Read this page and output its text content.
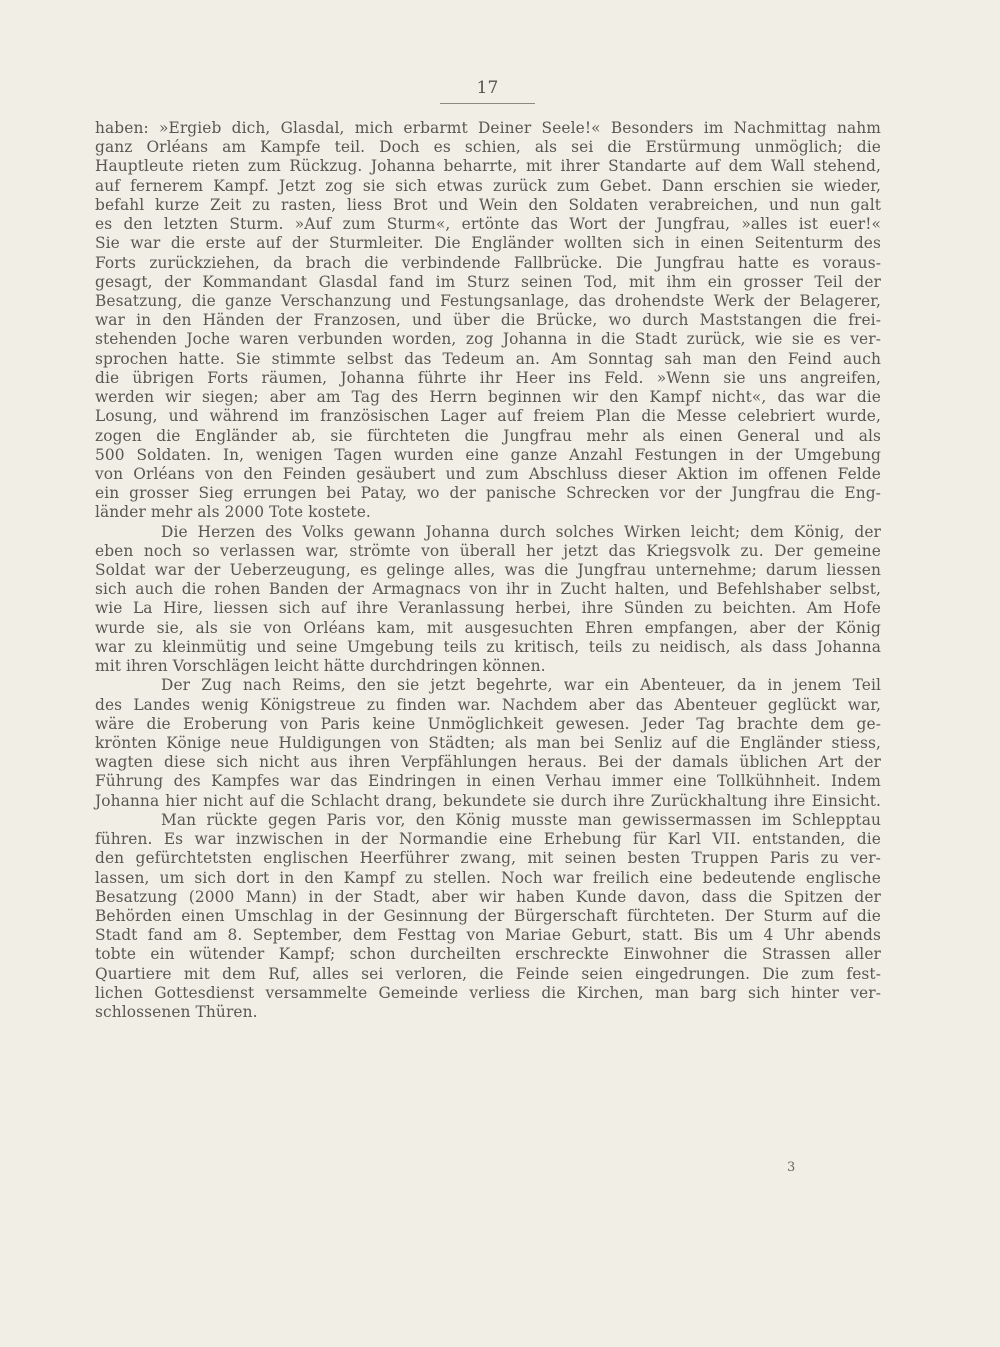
17
haben: »Ergieb dich, Glasdal, mich erbarmt Deiner Seele!« Besonders im Nachmittag nahm
ganz Orléans am Kampfe teil. Doch es schien, als sei die Erstürmung unmöglich; die
Hauptleute rieten zum Rückzug. Johanna beharrte, mit ihrer Standarte auf dem Wall stehend,
auf fernerem Kampf. Jetzt zog sie sich etwas zurück zum Gebet. Dann erschien sie wieder,
befahl kurze Zeit zu rasten, liess Brot und Wein den Soldaten verabreichen, und nun galt
es den letzten Sturm. »Auf zum Sturm«, ertönte das Wort der Jungfrau, »alles ist euer!«
Sie war die erste auf der Sturmleiter. Die Engländer wollten sich in einen Seitenturm des
Forts zurückziehen, da brach die verbindende Fallbrücke. Die Jungfrau hatte es voraus-
gesagt, der Kommandant Glasdal fand im Sturz seinen Tod, mit ihm ein grosser Teil der
Besatzung, die ganze Verschanzung und Festungsanlage, das drohendste Werk der Belagerer,
war in den Händen der Franzosen, und über die Brücke, wo durch Maststangen die frei-
stehenden Joche waren verbunden worden, zog Johanna in die Stadt zurück, wie sie es ver-
sprochen hatte. Sie stimmte selbst das Tedeum an. Am Sonntag sah man den Feind auch
die übrigen Forts räumen, Johanna führte ihr Heer ins Feld. »Wenn sie uns angreifen,
werden wir siegen; aber am Tag des Herrn beginnen wir den Kampf nicht«, das war die
Losung, und während im französischen Lager auf freiem Plan die Messe celebriert wurde,
zogen die Engländer ab, sie fürchteten die Jungfrau mehr als einen General und als
500 Soldaten. In, wenigen Tagen wurden eine ganze Anzahl Festungen in der Umgebung
von Orléans von den Feinden gesäubert und zum Abschluss dieser Aktion im offenen Felde
ein grosser Sieg errungen bei Patay, wo der panische Schrecken vor der Jungfrau die Eng-
länder mehr als 2000 Tote kostete.
Die Herzen des Volks gewann Johanna durch solches Wirken leicht; dem König, der
eben noch so verlassen war, strömte von überall her jetzt das Kriegsvolk zu. Der gemeine
Soldat war der Ueberzeugung, es gelinge alles, was die Jungfrau unternehme; darum liessen
sich auch die rohen Banden der Armagnacs von ihr in Zucht halten, und Befehlshaber selbst,
wie La Hire, liessen sich auf ihre Veranlassung herbei, ihre Sünden zu beichten. Am Hofe
wurde sie, als sie von Orléans kam, mit ausgesuchten Ehren empfangen, aber der König
war zu kleinmütig und seine Umgebung teils zu kritisch, teils zu neidisch, als dass Johanna
mit ihren Vorschlägen leicht hätte durchdringen können.
Der Zug nach Reims, den sie jetzt begehrte, war ein Abenteuer, da in jenem Teil
des Landes wenig Königstreue zu finden war. Nachdem aber das Abenteuer geglückt war,
wäre die Eroberung von Paris keine Unmöglichkeit gewesen. Jeder Tag brachte dem ge-
krönten Könige neue Huldigungen von Städten; als man bei Senliz auf die Engländer stiess,
wagten diese sich nicht aus ihren Verpfählungen heraus. Bei der damals üblichen Art der
Führung des Kampfes war das Eindringen in einen Verhau immer eine Tollkühnheit. Indem
Johanna hier nicht auf die Schlacht drang, bekundete sie durch ihre Zurückhaltung ihre Einsicht.
Man rückte gegen Paris vor, den König musste man gewissermassen im Schlepptau
führen. Es war inzwischen in der Normandie eine Erhebung für Karl VII. entstanden, die
den gefürchtetsten englischen Heerführer zwang, mit seinen besten Truppen Paris zu ver-
lassen, um sich dort in den Kampf zu stellen. Noch war freilich eine bedeutende englische
Besatzung (2000 Mann) in der Stadt, aber wir haben Kunde davon, dass die Spitzen der
Behörden einen Umschlag in der Gesinnung der Bürgerschaft fürchteten. Der Sturm auf die
Stadt fand am 8. September, dem Festtag von Mariae Geburt, statt. Bis um 4 Uhr abends
tobte ein wütender Kampf; schon durcheilten erschreckte Einwohner die Strassen aller
Quartiere mit dem Ruf, alles sei verloren, die Feinde seien eingedrungen. Die zum fest-
lichen Gottesdienst versammelte Gemeinde verliess die Kirchen, man barg sich hinter ver-
schlossenen Thüren.
3
